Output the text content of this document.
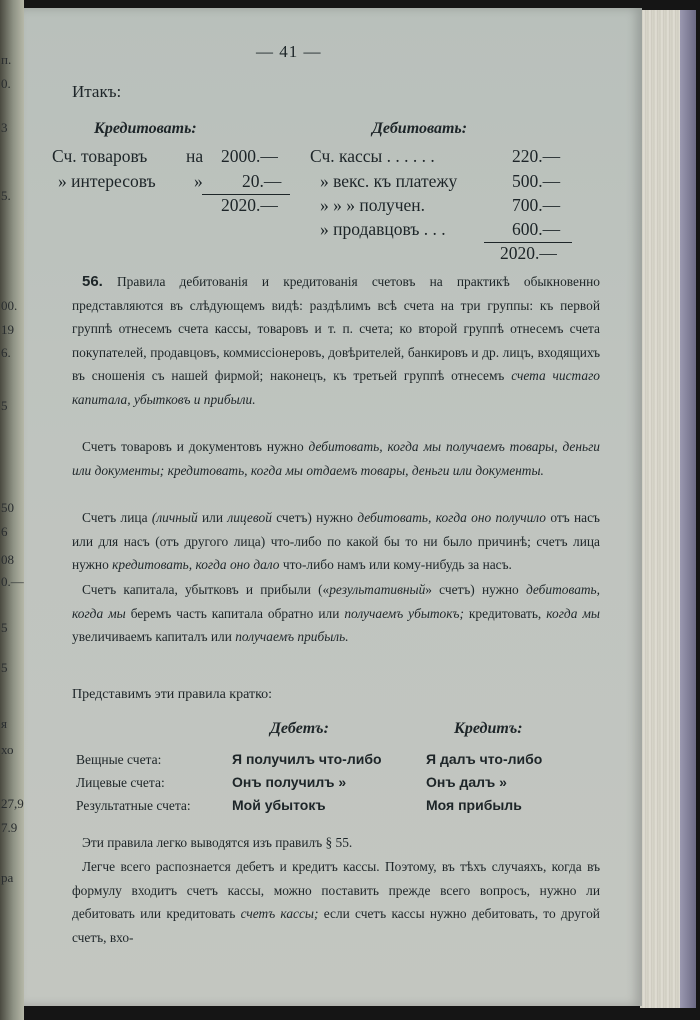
п.
0.
3
5.
00.
19
6.
5
50
6
08
0.—
5
5
я
хо
27,9
7.9
ра
— 41 —
Итакъ:
Кредитовать:	Дебитовать:
Сч. товаровъ на 2000.—
» интересовъ » 20.—
2020.—
Сч. кассы . . . . . .	220.—
» векс. къ платежу	500.—
» » » получен.	700.—
» продавцовъ . . .	600.—
2020.—
56. Правила дебитованія и кредитованія счетовъ на практикѣ обыкновенно представляются въ слѣдующемъ видѣ: раздѣлимъ всѣ счета на три группы: къ первой группѣ отнесемъ счета кассы, товаровъ и т. п. счета; ко второй группѣ отнесемъ счета покупателей, продавцовъ, коммиссіонеровъ, довѣрителей, банкировъ и др. лицъ, входящихъ въ сношенія съ нашей фирмой; наконецъ, къ третьей группѣ отнесемъ счета чистаго капитала, убытковъ и прибыли.
Счетъ товаровъ и документовъ нужно дебитовать, когда мы получаемъ товары, деньги или документы; кредитовать, когда мы отдаемъ товары, деньги или документы.
Счетъ лица (личный или лицевой счетъ) нужно дебитовать, когда оно получило отъ насъ или для насъ (отъ другого лица) что-либо по какой бы то ни было причинѣ; счетъ лица нужно кредитовать, когда оно дало что-либо намъ или кому-нибудь за насъ.
Счетъ капитала, убытковъ и прибыли («результативный» счетъ) нужно дебитовать, когда мы беремъ часть капитала обратно или получаемъ убытокъ; кредитовать, когда мы увеличиваемъ капиталъ или получаемъ прибыль.
Представимъ эти правила кратко:
Дебетъ:	Кредитъ:
Вещные счета:	Я получилъ что-либо	Я далъ что-либо
Лицевые счета:	Онъ получилъ »	Онъ далъ »
Результатные счета:	Мой убытокъ	Моя прибыль
Эти правила легко выводятся изъ правилъ § 55.
Легче всего распознается дебетъ и кредитъ кассы. Поэтому, въ тѣхъ случаяхъ, когда въ формулу входитъ счетъ кассы, можно поставить прежде всего вопросъ, нужно ли дебитовать или кредитовать счетъ кассы; если счетъ кассы нужно дебитовать, то другой счетъ, вхо-
